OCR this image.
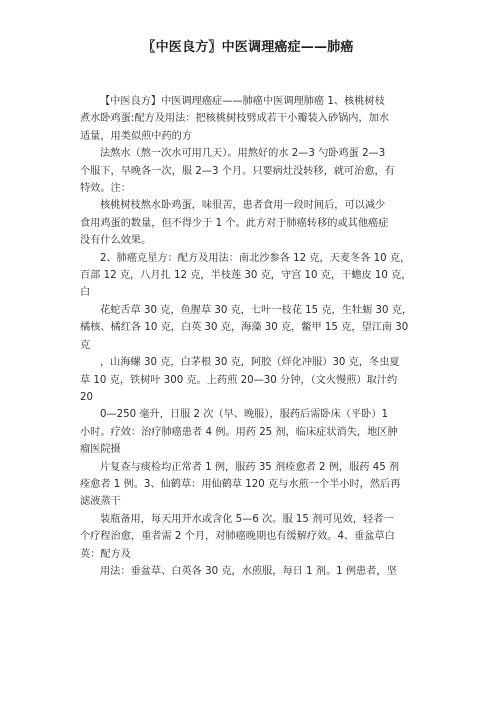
〖中医良方〗中医调理癌症——肺癌
【中医良方】中医调理癌症——肺癌中医调理肺癌 1、核桃树枝
煮水卧鸡蛋:配方及用法：把核桃树枝劈成若干小瓣装入砂锅内，加水
适量，用类似煎中药的方
法熬水（熬一次水可用几天）。用熬好的水 2—3 勺卧鸡蛋 2—3
个服下，早晚各一次，服 2—3 个月。只要病灶没转移，就可治愈，有
特效。注：
核桃树枝熬水卧鸡蛋，味很苦，患者食用一段时间后，可以减少
食用鸡蛋的数量，但不得少于 1 个。此方对于肺癌转移的或其他癌症
没有什么效果。
2、肺癌克星方：配方及用法：南北沙参各 12 克，天麦冬各 10 克，
百部 12 克，八月扎 12 克，半枝莲 30 克，守宫 10 克，干蟾皮 10 克，
白
花蛇舌草 30 克，鱼腥草 30 克，七叶一枝花 15 克，生牡蛎 30 克，
橘核、橘红各 10 克，白英 30 克，海藻 30 克，鳖甲 15 克，望江南 30
克
，山海螺 30 克，白茅根 30 克，阿胶（烊化冲服）30 克，冬虫夏
草 10 克，铁树叶 300 克。上药煎 20—30 分钟，（文火慢煎）取汁约
20
0—250 毫升，日服 2 次（早、晚服），服药后需卧床（平卧）1
小时。疗效：治疗肺癌患者 4 例。用药 25 剂，临床症状消失，地区肿
瘤医院摄
片复查与痰检均正常者 1 例，服药 35 剂痊愈者 2 例，服药 45 剂
痊愈者 1 例。3、仙鹤草：用仙鹤草 120 克与水煎一个半小时，然后再
滤液蒸干
装瓶备用，每天用开水或含化 5—6 次。服 15 剂可见效，轻者一
个疗程治愈，重者需 2 个月，对肺癌晚期也有缓解疗效。4、垂盆草白
英：配方及
用法：垂盆草、白英各 30 克，水煎服，每日 1 剂。1 例患者，坚
